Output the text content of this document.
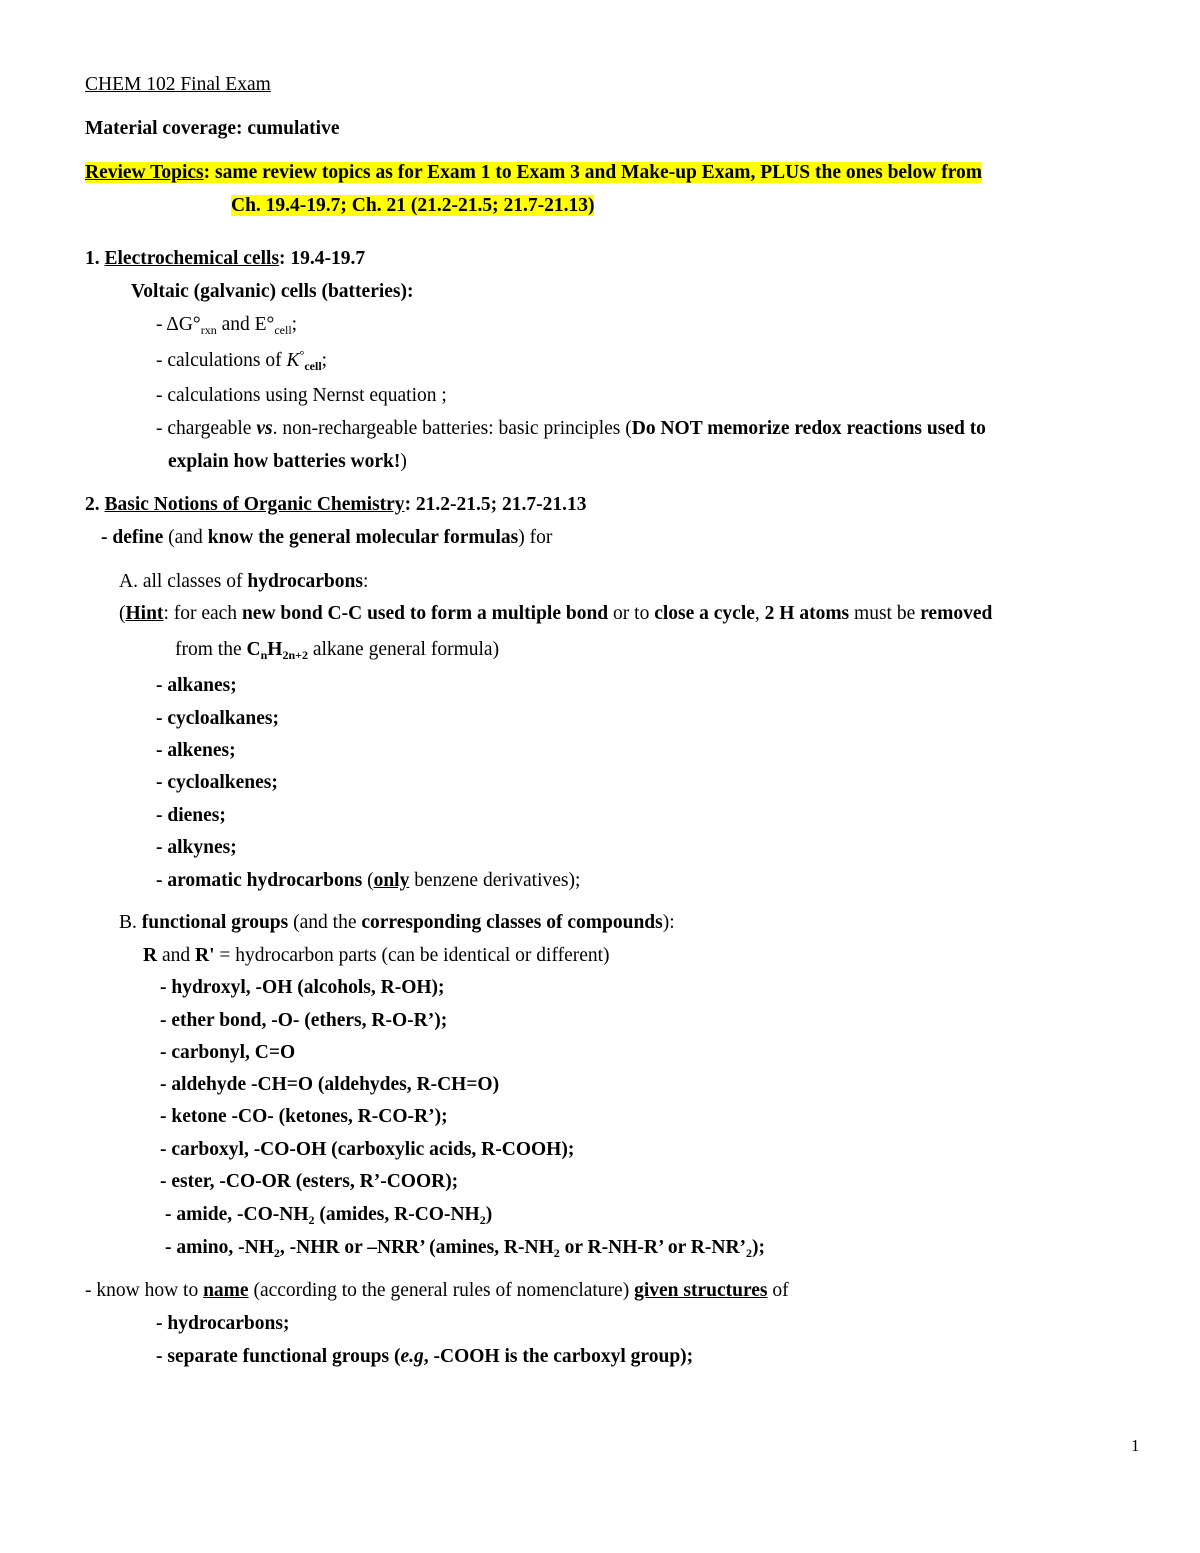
CHEM 102 Final Exam
Material coverage: cumulative
Review Topics: same review topics as for Exam 1 to Exam 3 and Make-up Exam, PLUS the ones below from
Ch. 19.4-19.7; Ch. 21 (21.2-21.5; 21.7-21.13)
1. Electrochemical cells: 19.4-19.7
Voltaic (galvanic) cells (batteries):
- $\Delta G^\circ_{rxn}$ and $E^\circ_{cell}$;
- calculations of $K^\circ_{cell}$;
- calculations using Nernst equation ;
- chargeable vs. non-rechargeable batteries: basic principles (Do NOT memorize redox reactions used to
explain how batteries work!)
2. Basic Notions of Organic Chemistry: 21.2-21.5; 21.7-21.13
- define (and know the general molecular formulas) for
A. all classes of hydrocarbons:
(Hint: for each new bond C-C used to form a multiple bond or to close a cycle, 2 H atoms must be removed
from the $C_nH_{2n+2}$ alkane general formula)
- alkanes;
- cycloalkanes;
- alkenes;
- cycloalkenes;
- dienes;
- alkynes;
- aromatic hydrocarbons (only benzene derivatives);
B. functional groups (and the corresponding classes of compounds):
R and R' = hydrocarbon parts (can be identical or different)
- hydroxyl, -OH (alcohols, R-OH);
- ether bond, -O- (ethers, R-O-R’);
- carbonyl, C=O
- aldehyde -CH=O (aldehydes, R-CH=O)
- ketone -CO- (ketones, R-CO-R’);
- carboxyl, -CO-OH (carboxylic acids, R-COOH);
- ester, -CO-OR (esters, R’-COOR);
- amide, $-CO-NH_2$ (amides, $R-CO-NH_2$)
- amino, $-NH_2$, -NHR or –NRR’ (amines, $R-NH_2$ or R-NH-R’ or $R-NR’_2$);
- know how to name (according to the general rules of nomenclature) given structures of
- hydrocarbons;
- separate functional groups (e.g, -COOH is the carboxyl group);
1
